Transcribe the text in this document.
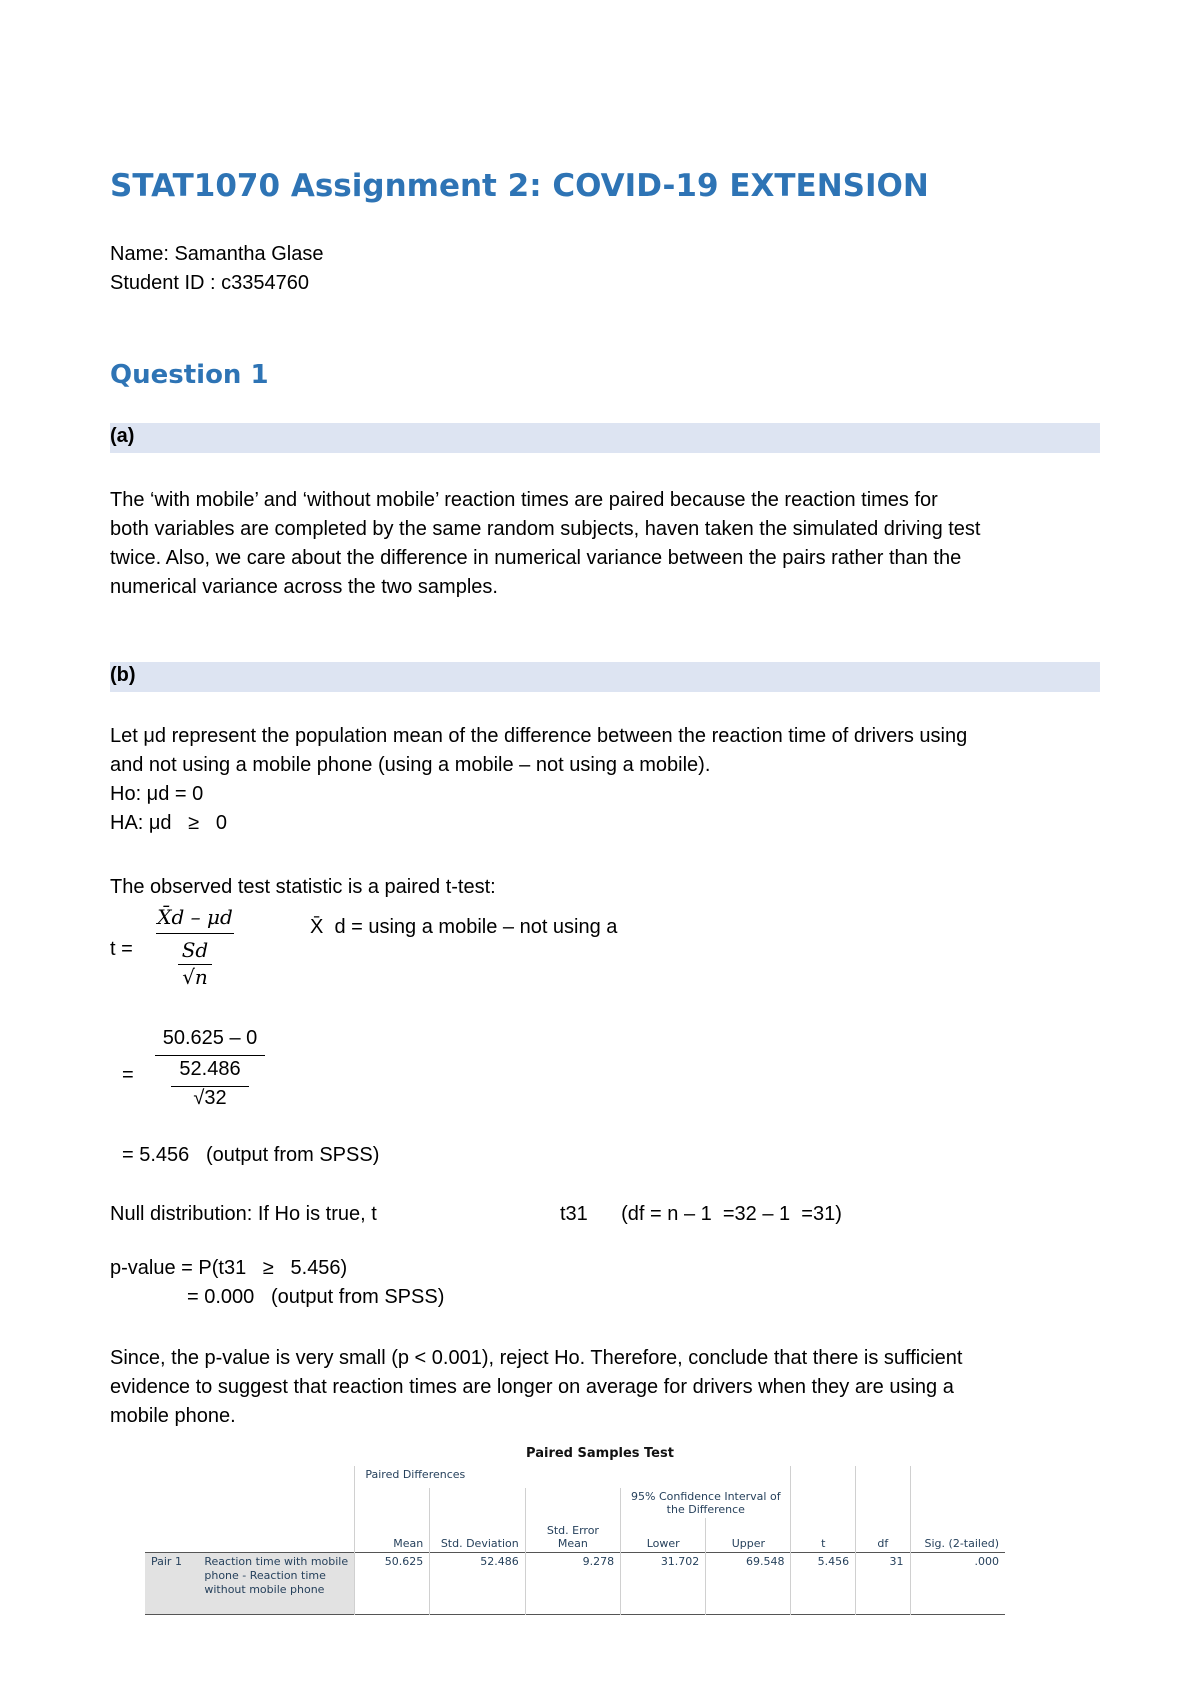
STAT1070 Assignment 2: COVID-19 EXTENSION
Name: Samantha Glase
Student ID : c3354760
Question 1
(a)
The ‘with mobile’ and ‘without mobile’ reaction times are paired because the reaction times for
both variables are completed by the same random subjects, haven taken the simulated driving test
twice. Also, we care about the difference in numerical variance between the pairs rather than the
numerical variance across the two samples.
(b)
Let μd represent the population mean of the difference between the reaction time of drivers using
and not using a mobile phone (using a mobile – not using a mobile).
Ho: μd = 0
HA: μd   ≥   0
The observed test statistic is a paired t-test:
t =
X̄d – μd
Sd
√n
X̄  d = using a mobile – not using a
=
50.625 – 0
52.486
√32
= 5.456   (output from SPSS)
Null distribution: If Ho is true, t	t31      (df = n – 1  =32 – 1  =31)
p-value = P(t31   ≥   5.456)
= 0.000   (output from SPSS)
Since, the p-value is very small (p < 0.001), reject Ho. Therefore, conclude that there is sufficient
evidence to suggest that reaction times are longer on average for drivers when they are using a
mobile phone.
Paired Samples Test
		Paired Differences							
					95% Confidence Interval of the Difference				
		Mean	Std. Deviation	Std. Error Mean	Lower	Upper	t	df	Sig. (2-tailed)
Pair 1	Reaction time with mobile phone - Reaction time without mobile phone	50.625	52.486	9.278	31.702	69.548	5.456	31	.000
